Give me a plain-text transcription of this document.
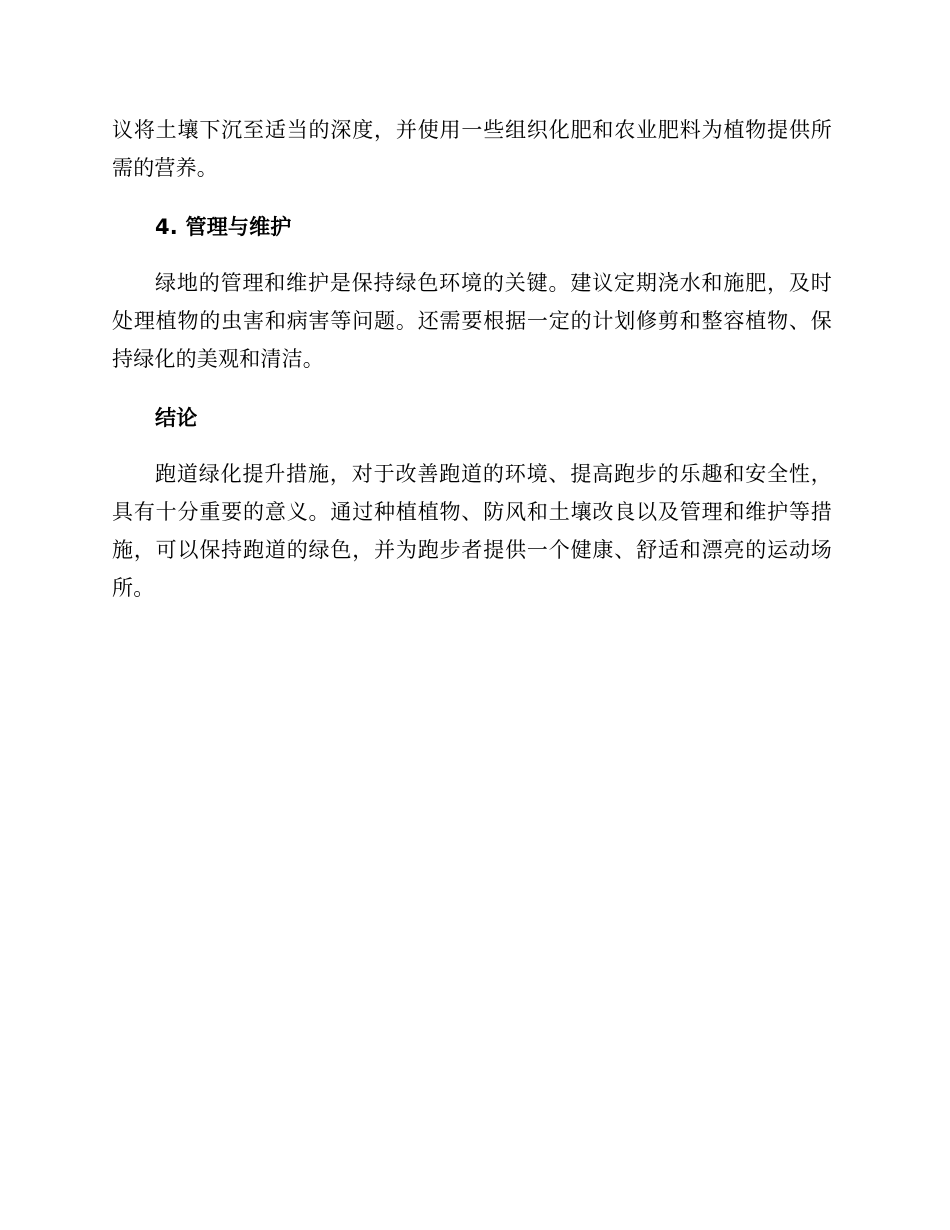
议将土壤下沉至适当的深度，并使用一些组织化肥和农业肥料为植物提供所需的营养。

4. 管理与维护

绿地的管理和维护是保持绿色环境的关键。建议定期浇水和施肥，及时处理植物的虫害和病害等问题。还需要根据一定的计划修剪和整容植物、保持绿化的美观和清洁。

结论

跑道绿化提升措施，对于改善跑道的环境、提高跑步的乐趣和安全性，具有十分重要的意义。通过种植植物、防风和土壤改良以及管理和维护等措施，可以保持跑道的绿色，并为跑步者提供一个健康、舒适和漂亮的运动场所。
